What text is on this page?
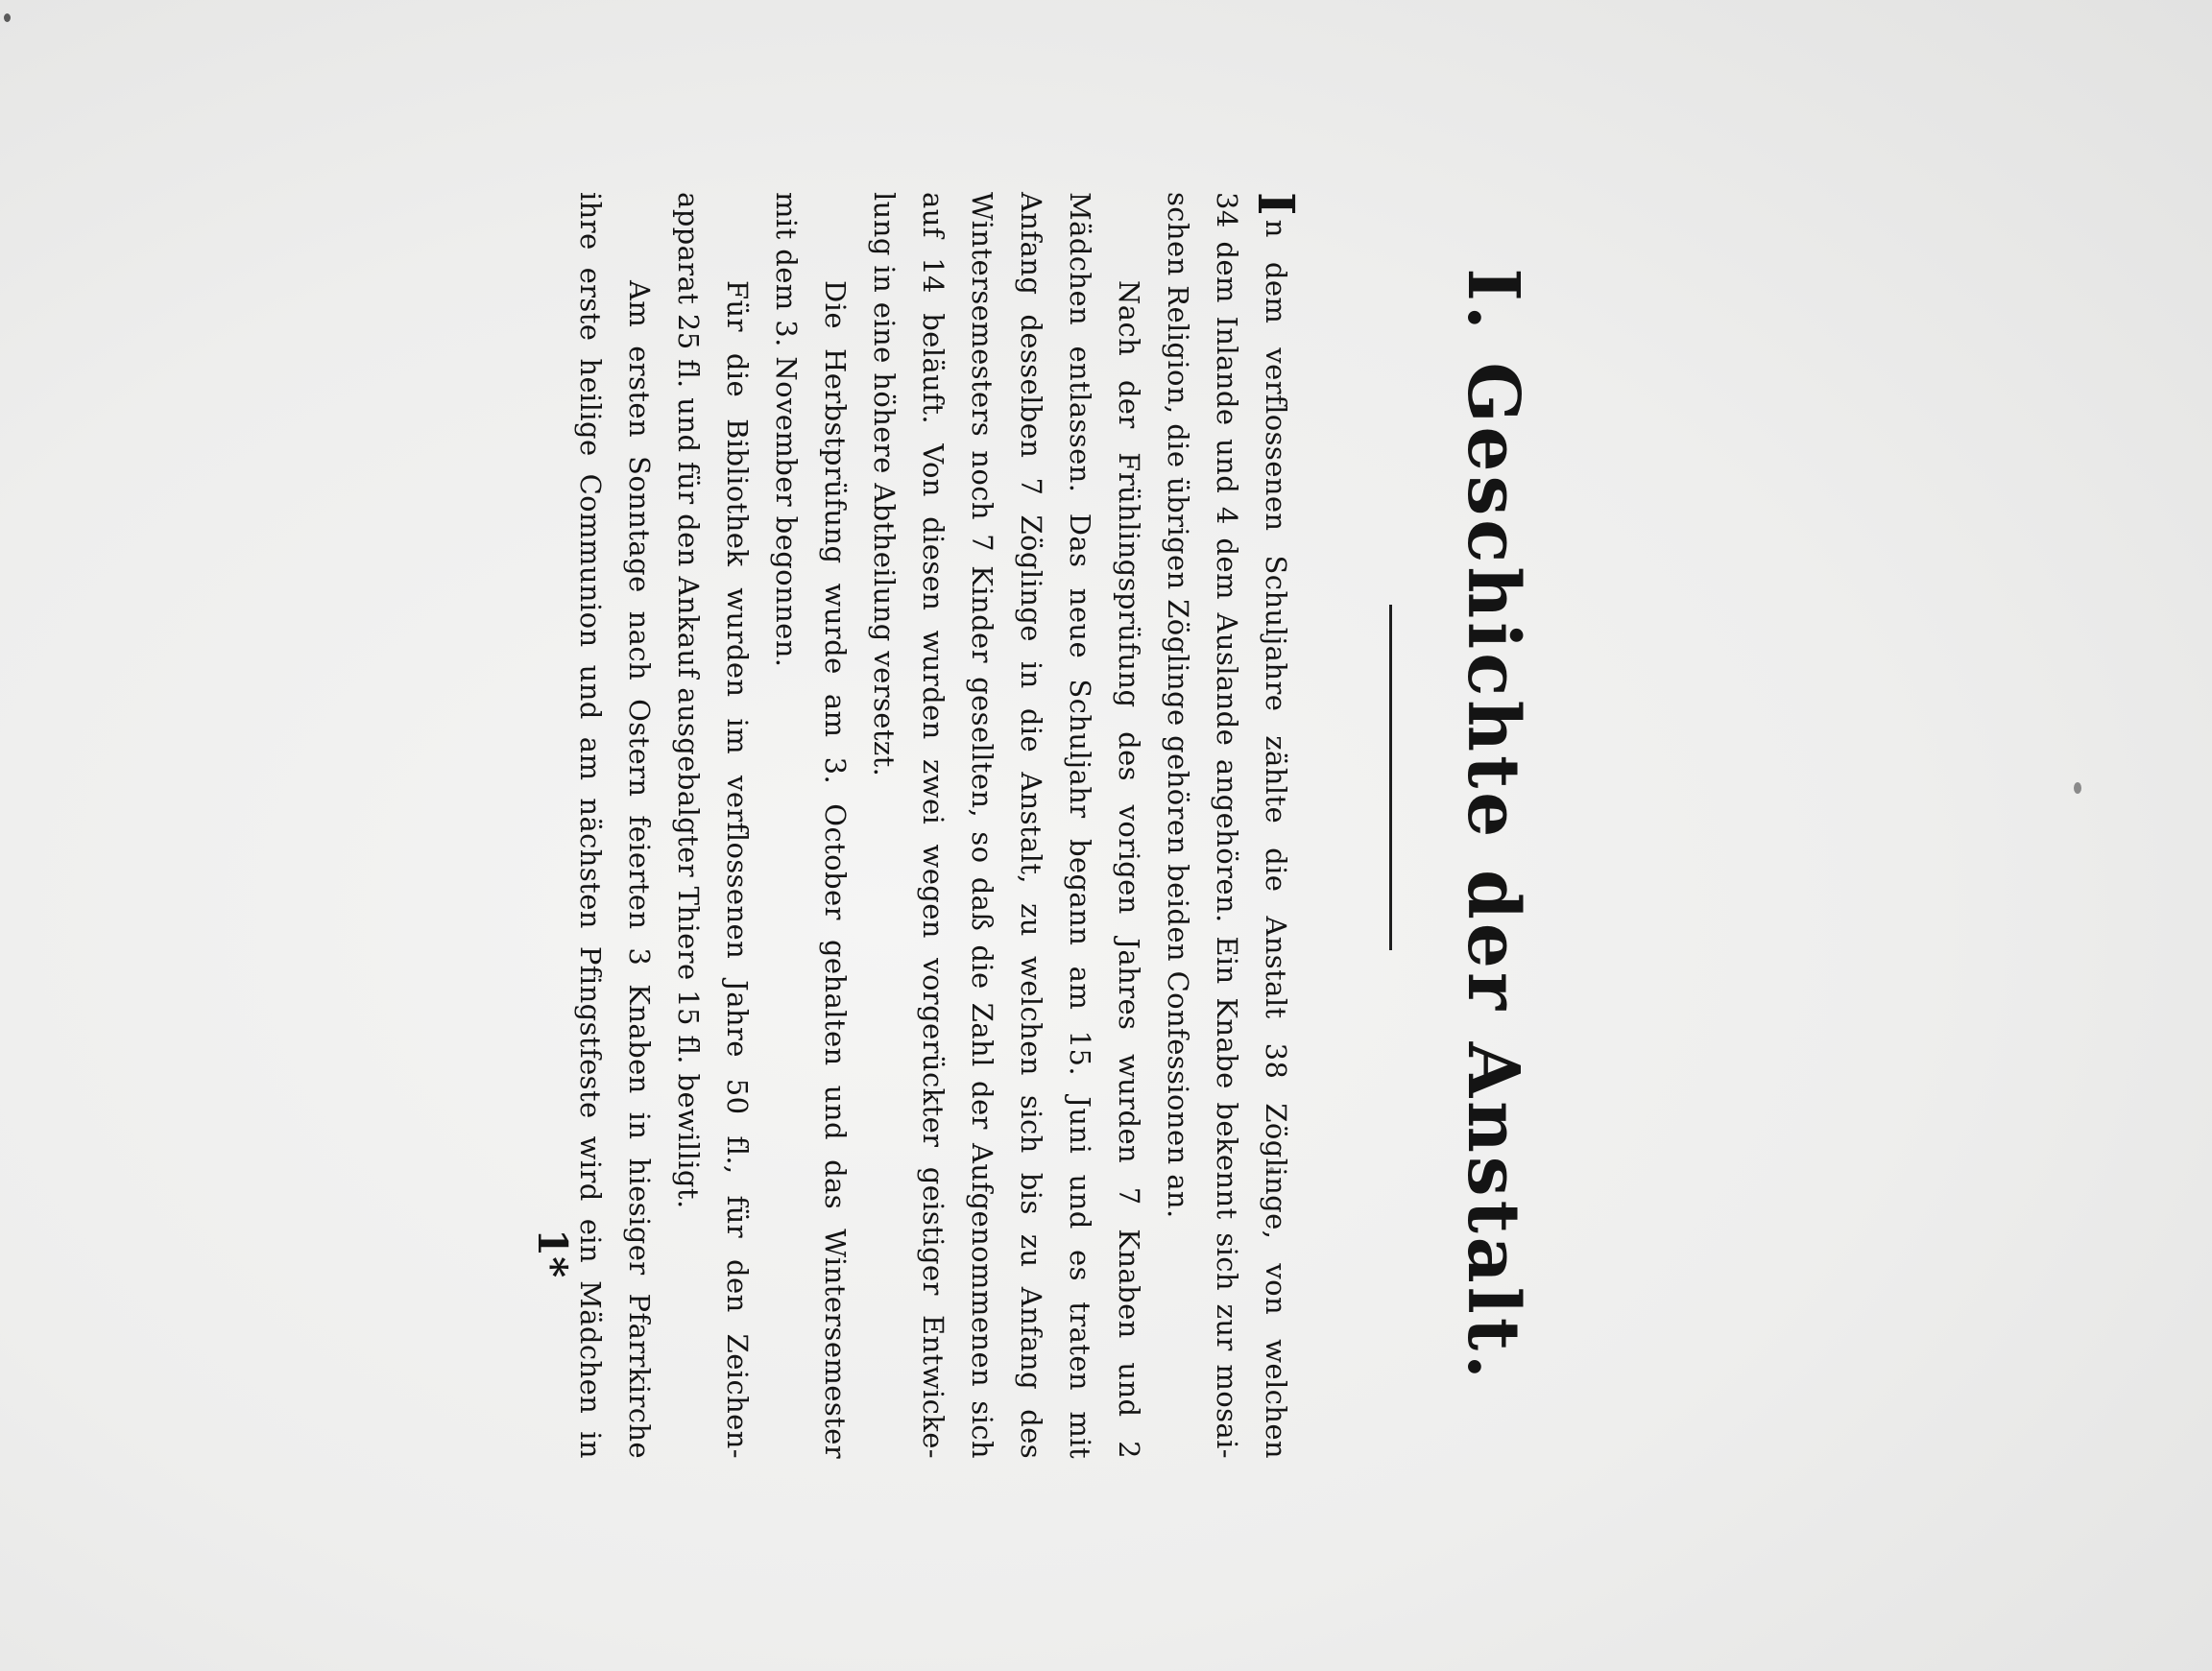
I. Geschichte der Anstalt.
In dem verflossenen Schuljahre zählte die Anstalt 38 Zöglinge, von welchen
34 dem Inlande und 4 dem Auslande angehören. Ein Knabe bekennt sich zur mosai-
schen Religion, die übrigen Zöglinge gehören beiden Confessionen an.
Nach der Frühlingsprüfung des vorigen Jahres wurden 7 Knaben und 2
Mädchen entlassen. Das neue Schuljahr begann am 15. Juni und es traten mit
Anfang desselben 7 Zöglinge in die Anstalt, zu welchen sich bis zu Anfang des
Wintersemesters noch 7 Kinder gesellten, so daß die Zahl der Aufgenommenen sich
auf 14 beläuft. Von diesen wurden zwei wegen vorgerückter geistiger Entwicke-
lung in eine höhere Abtheilung versetzt.
Die Herbstprüfung wurde am 3. October gehalten und das Wintersemester
mit dem 3. November begonnen.
Für die Bibliothek wurden im verflossenen Jahre 50 fl., für den Zeichen-
apparat 25 fl. und für den Ankauf ausgebalgter Thiere 15 fl. bewilligt.
Am ersten Sonntage nach Ostern feierten 3 Knaben in hiesiger Pfarrkirche
ihre erste heilige Communion und am nächsten Pfingstfeste wird ein Mädchen in
1*
